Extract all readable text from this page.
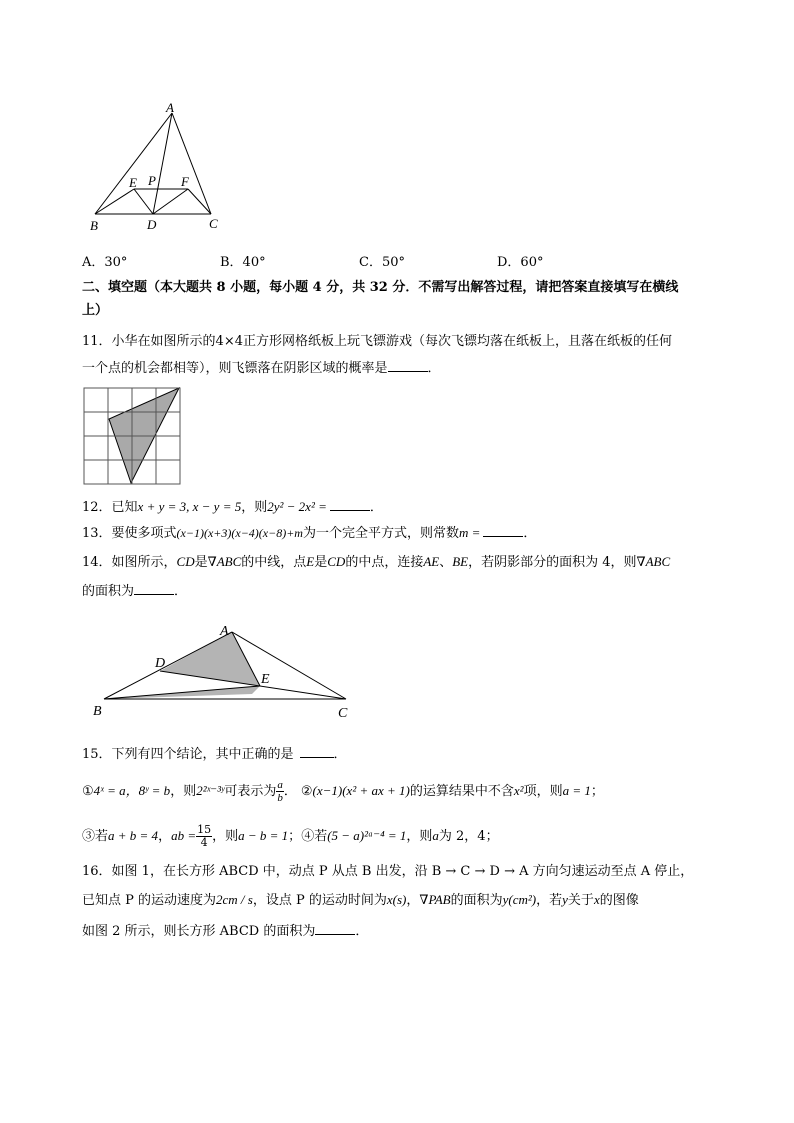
A
B	C
D
E	F
P
A．30°	B．40°	C．50°	D．60°
二、填空题（本大题共 8 小题，每小题 4 分，共 32 分．不需写出解答过程，请把答案直接填写在横线
上）
11．小华在如图所示的4×4正方形网格纸板上玩飞镖游戏（每次飞镖均落在纸板上，且落在纸板的任何
一个点的机会都相等），则飞镖落在阴影区域的概率是	．
12．已知x + y = 3, x − y = 5，则2y² − 2x² =	．
13．要使多项式(x−1)(x+3)(x−4)(x−8)+m为一个完全平方式，则常数m =	．
14．如图所示，CD是∇ABC的中线，点E是CD的中点，连接AE、BE，若阴影部分的面积为 4，则∇ABC
的面积为	．
A
B	C
D
E
15．下列有四个结论，其中正确的是	．
①4ˣ = a，8ʸ = b，则2²ˣ⁻³ʸ可表示为 $\frac{a}{b}$ ． ②(x−1)(x² + ax + 1)的运算结果中不含x²项，则a = 1；
③若a + b = 4，ab = $\frac{15}{4}$ ，则a − b = 1；④若(5 − a)²ᵃ⁻⁴ = 1，则a为 2，4；
16．如图 1，在长方形 ABCD 中，动点 P 从点 B 出发，沿 B → C → D → A 方向匀速运动至点 A 停止，
已知点 P 的运动速度为2cm / s，设点 P 的运动时间为x(s)，∇PAB的面积为y(cm²)，若y关于x的图像
如图 2 所示，则长方形 ABCD 的面积为	．
